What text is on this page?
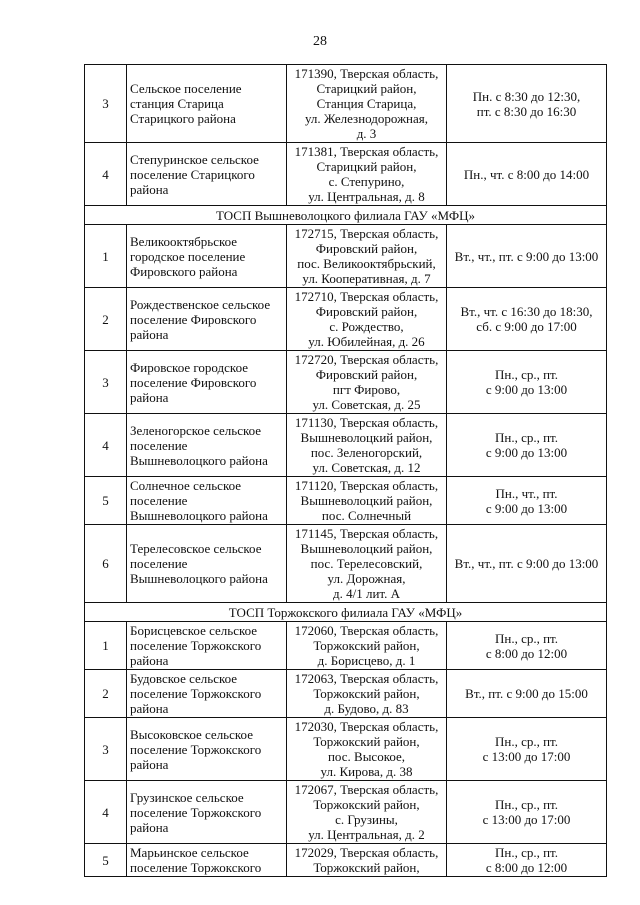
28
3	Сельское поселение
станция Старица
Старицкого района	171390, Тверская область,
Старицкий район,
Станция Старица,
ул. Железнодорожная,
д. 3	Пн. с 8:30 до 12:30,
пт. с 8:30 до 16:30

4	Степуринское сельское
поселение Старицкого
района	171381, Тверская область,
Старицкий район,
с. Степурино,
ул. Центральная, д. 8	Пн., чт. с 8:00 до 14:00

ТОСП Вышневолоцкого филиала ГАУ «МФЦ»			
1	Великооктябрьское
городское поселение
Фировского района	172715, Тверская область,
Фировский район,
пос. Великооктябрьский,
ул. Кооперативная, д. 7	Вт., чт., пт. с 9:00 до 13:00

2	Рождественское сельское
поселение Фировского
района	172710, Тверская область,
Фировский район,
с. Рождество,
ул. Юбилейная, д. 26	Вт., чт. с 16:30 до 18:30,
сб. с 9:00 до 17:00

3	Фировское городское
поселение Фировского
района	172720, Тверская область,
Фировский район,
пгт Фирово,
ул. Советская, д. 25	Пн., ср., пт.
с 9:00 до 13:00

4	Зеленогорское сельское
поселение
Вышневолоцкого района	171130, Тверская область,
Вышневолоцкий район,
пос. Зеленогорский,
ул. Советская, д. 12	Пн., ср., пт.
с 9:00 до 13:00

5	Солнечное сельское
поселение
Вышневолоцкого района	171120, Тверская область,
Вышневолоцкий район,
пос. Солнечный	Пн., чт., пт.
с 9:00 до 13:00

6	Терелесовское сельское
поселение
Вышневолоцкого района	171145, Тверская область,
Вышневолоцкий район,
пос. Терелесовский,
ул. Дорожная,
д. 4/1 лит. А	Вт., чт., пт. с 9:00 до 13:00

ТОСП Торжокского филиала ГАУ «МФЦ»			
1	Борисцевское сельское
поселение Торжокского
района	172060, Тверская область,
Торжокский район,
д. Борисцево, д. 1	Пн., ср., пт.
с 8:00 до 12:00

2	Будовское сельское
поселение Торжокского
района	172063, Тверская область,
Торжокский район,
д. Будово, д. 83	Вт., пт. с 9:00 до 15:00

3	Высоковское сельское
поселение Торжокского
района	172030, Тверская область,
Торжокский район,
пос. Высокое,
ул. Кирова, д. 38	Пн., ср., пт.
с 13:00 до 17:00

4	Грузинское сельское
поселение Торжокского
района	172067, Тверская область,
Торжокский район,
с. Грузины,
ул. Центральная, д. 2	Пн., ср., пт.
с 13:00 до 17:00

5	Марьинское сельское
поселение Торжокского	172029, Тверская область,
Торжокский район,	Пн., ср., пт.
с 8:00 до 12:00
